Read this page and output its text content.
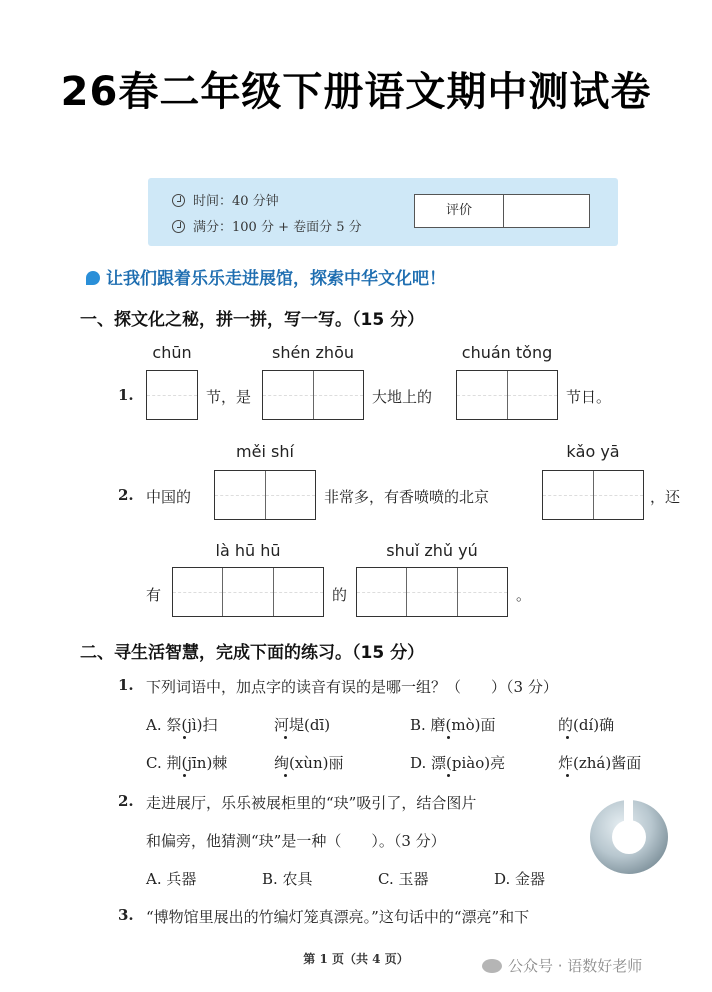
26春二年级下册语文期中测试卷
时间：40 分钟
满分：100 分 + 卷面分 5 分
评价
让我们跟着乐乐走进展馆，探索中华文化吧！
一、探文化之秘，拼一拼，写一写。（15 分）
chūn	shén zhōu	chuán tǒng
1.	节，是	大地上的	节日。
měi shí	kǎo yā
2. 中国的	非常多，有香喷喷的北京	，还
là hū hū	shuǐ zhǔ yú
有	的	。
二、寻生活智慧，完成下面的练习。（15 分）
1. 下列词语中，加点字的读音有误的是哪一组？（　　）（3 分）
A. 祭(jì)扫	河堤(dī)	B. 磨(mò)面	的(dí)确
C. 荆(jīn)棘	绚(xùn)丽	D. 漂(piào)亮	炸(zhá)酱面
2. 走进展厅，乐乐被展柜里的“玦”吸引了，结合图片
和偏旁，他猜测“玦”是一种（　　）。（3 分）
A. 兵器	B. 农具	C. 玉器	D. 金器
3. “博物馆里展出的竹编灯笼真漂亮。”这句话中的“漂亮”和下
第 1 页（共 4 页）	公众号 · 语数好老师
